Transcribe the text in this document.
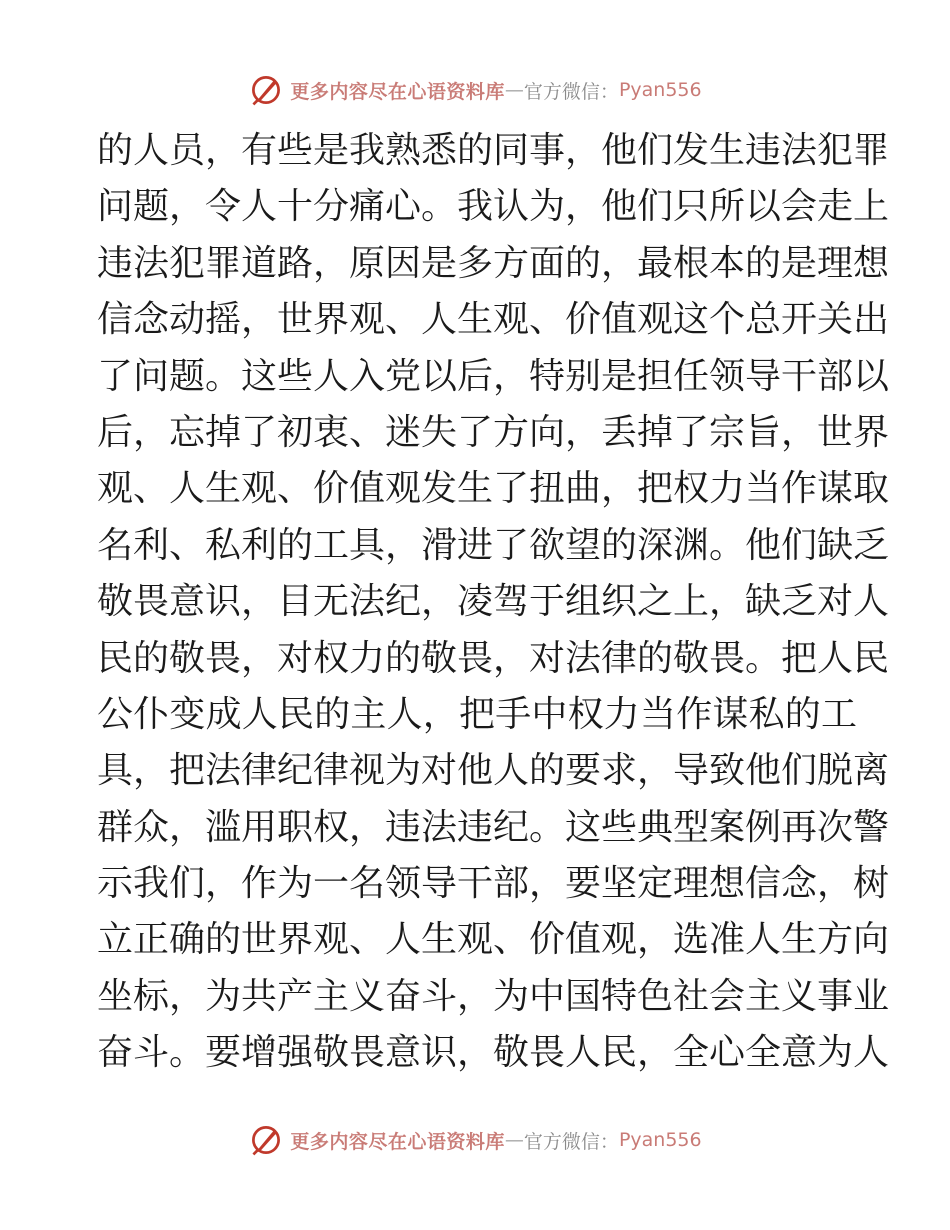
更多内容尽在心语资料库 — 官方微信： Pyan556
的人员，有些是我熟悉的同事，他们发生违法犯罪
问题，令人十分痛心。我认为，他们只所以会走上
违法犯罪道路，原因是多方面的，最根本的是理想
信念动摇，世界观、人生观、价值观这个总开关出
了问题。这些人入党以后，特别是担任领导干部以
后，忘掉了初衷、迷失了方向，丢掉了宗旨，世界
观、人生观、价值观发生了扭曲，把权力当作谋取
名利、私利的工具，滑进了欲望的深渊。他们缺乏
敬畏意识，目无法纪，凌驾于组织之上，缺乏对人
民的敬畏，对权力的敬畏，对法律的敬畏。把人民
公仆变成人民的主人，把手中权力当作谋私的工
具，把法律纪律视为对他人的要求，导致他们脱离
群众，滥用职权，违法违纪。这些典型案例再次警
示我们，作为一名领导干部，要坚定理想信念，树
立正确的世界观、人生观、价值观，选准人生方向
坐标，为共产主义奋斗，为中国特色社会主义事业
奋斗。要增强敬畏意识，敬畏人民，全心全意为人
更多内容尽在心语资料库 — 官方微信： Pyan556
